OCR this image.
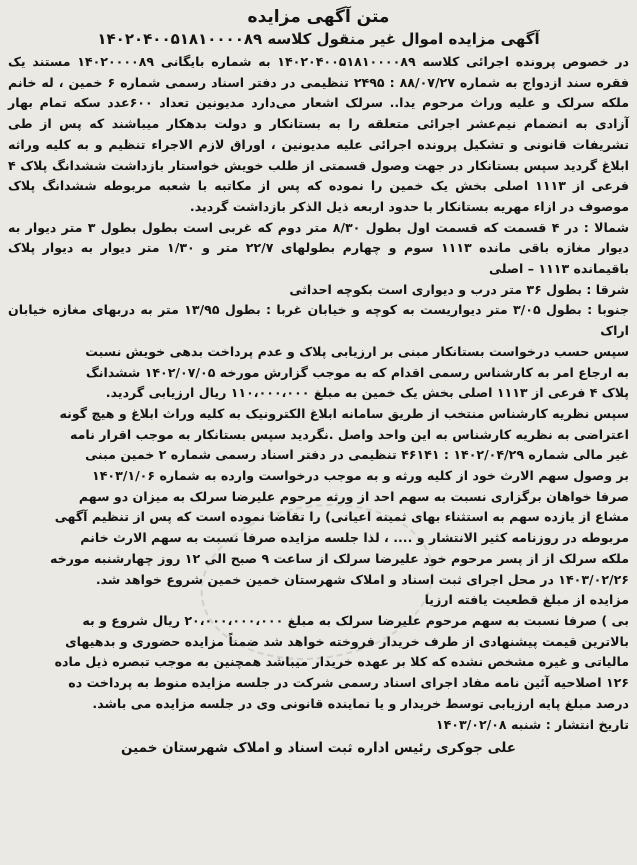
متن آگهی مزایده

آگهی مزایده اموال غیر منقول کلاسه ۱۴۰۲۰۴۰۰۵۱۸۱۰۰۰۰۸۹

در خصوص پرونده اجرائی کلاسه ۱۴۰۲۰۴۰۰۵۱۸۱۰۰۰۰۸۹ به شماره بایگانی ۱۴۰۲۰۰۰۰۸۹ مستند یک فقره سند ازدواج به شماره ۸۸/۰۷/۲۷ : ۲۴۹۵ تنظیمی در دفتر اسناد رسمی شماره ۶ خمین ، له خانم ملکه سرلک و علیه وراث مرحوم یدا.. سرلک اشعار می‌دارد مدیونین تعداد ۶۰۰عدد سکه تمام بهار آزادی به انضمام نیم‌عشر اجرائی متعلقه را به بستانکار و دولت بدهکار میباشند که پس از طی تشریفات قانونی و تشکیل پرونده اجرائی علیه مدیونین ، اوراق لازم الاجراء تنظیم و به کلیه وراثه ابلاغ گردید سپس بستانکار در جهت وصول قسمتی از طلب خویش خواستار بازداشت ششدانگ پلاک ۴ فرعی از ۱۱۱۳ اصلی بخش یک خمین را نموده که پس از مکاتبه با شعبه مربوطه ششدانگ پلاک موصوف در ازاء مهریه بستانکار با حدود اربعه ذیل الذکر بازداشت گردید.

شمالا : در ۴ قسمت که قسمت اول بطول ۸/۳۰ متر دوم که غربی است بطول بطول ۳ متر دیوار به دیوار مغازه باقی مانده ۱۱۱۳ سوم و چهارم بطولهای ۲۲/۷ متر و ۱/۳۰ متر دیوار به دیوار پلاک باقیمانده ۱۱۱۳ – اصلی

شرقا : بطول ۳۶ متر درب و دیواری است بکوچه احداثی

جنوبا : بطول ۳/۰۵ متر دیواریست به کوچه و خیابان غربا : بطول ۱۳/۹۵ متر به دربهای مغازه خیابان اراک

سپس حسب درخواست بستانکار مبنی بر ارزیابی پلاک و عدم پرداخت بدهی خویش نسبت
به ارجاع امر به کارشناس رسمی اقدام که به موجب گزارش مورخه ۱۴۰۲/۰۷/۰۵ ششدانگ
پلاک ۴ فرعی از ۱۱۱۳ اصلی بخش یک خمین به مبلغ ۱۱۰،۰۰۰،۰۰۰ ریال ارزیابی گردید.
سپس نظریه کارشناس منتخب از طریق سامانه ابلاغ الکترونیک به کلیه وراث ابلاغ و هیچ گونه
اعتراضی به نظریه کارشناس به این واحد واصل .نگردید سپس بستانکار به موجب اقرار نامه
غیر مالی شماره ۱۴۰۲/۰۴/۲۹ : ۴۶۱۴۱ تنظیمی در دفتر اسناد رسمی شماره ۲ خمین مبنی
بر وصول سهم الارث خود از کلیه ورثه و به موجب درخواست وارده به شماره ۱۴۰۳/۱/۰۶
صرفا خواهان برگزاری نسبت به سهم احد از ورثه مرحوم علیرضا سرلک به میزان دو سهم
مشاع از یازده سهم به استثناء بهای ثمینه اعیانی) را تقاضا نموده است که پس از تنظیم آگهی
مربوطه در روزنامه کثیر الانتشار و .... ، لذا جلسه مزایده صرفا نسبت به سهم الارث خانم
ملکه سرلک از از پسر مرحوم خود علیرضا سرلک از ساعت ۹ صبح الی ۱۲ روز چهارشنبه مورخه
۱۴۰۳/۰۲/۲۶ در محل اجرای ثبت اسناد و املاک شهرستان خمین خمین شروع خواهد شد.
مزایده از مبلغ قطعیت یافته ارزیا
بی ) صرفا نسبت به سهم مرحوم علیرضا سرلک به مبلغ ۲۰،۰۰۰،۰۰۰،۰۰۰ ریال شروع و به
بالاترین قیمت پیشنهادی از طرف خریدار فروخته خواهد شد ضمناً مزایده حضوری و بدهیهای
مالیاتی و غیره مشخص نشده که کلا بر عهده خریدار میباشد همچنین به موجب تبصره ذیل ماده
۱۲۶ اصلاحیه آئین نامه مفاد اجرای اسناد رسمی شرکت در جلسه مزایده منوط به پرداخت ده
درصد مبلغ پایه ارزیابی توسط خریدار و یا نماینده قانونی وی در جلسه مزایده می باشد.

تاریخ انتشار : شنبه ۱۴۰۳/۰۲/۰۸

علی جوکری رئیس اداره ثبت اسناد و املاک شهرستان خمین
